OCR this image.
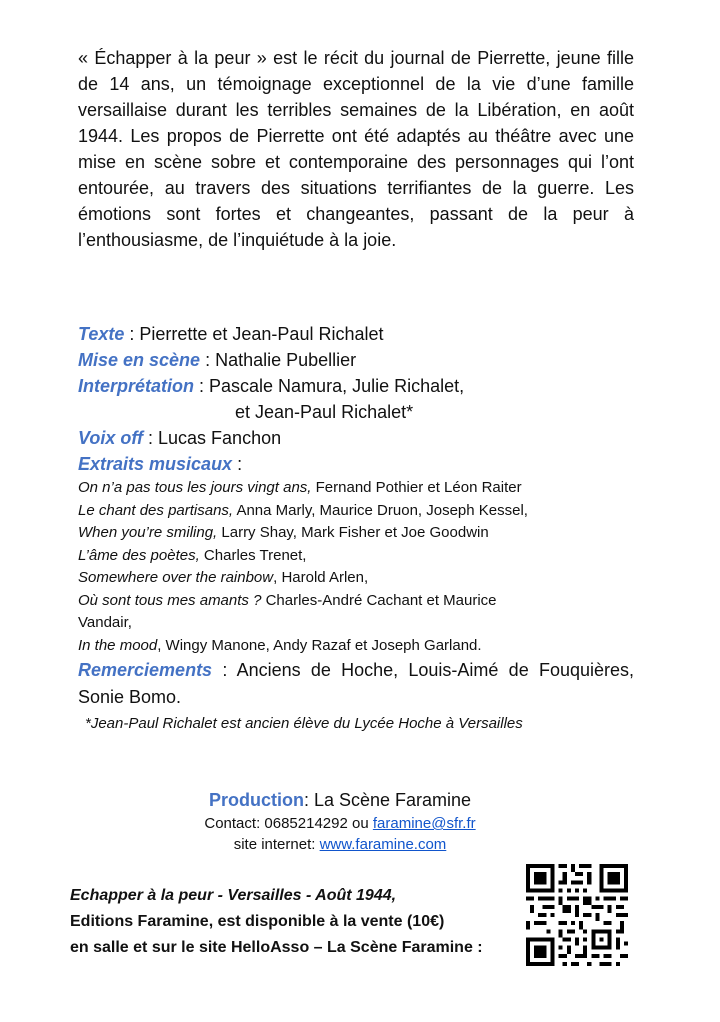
« Échapper à la peur » est le récit du journal de Pierrette, jeune fille de 14 ans, un témoignage exceptionnel de la vie d’une famille versaillaise durant les terribles semaines de la Libération, en août 1944. Les propos de Pierrette ont été adaptés au théâtre avec une mise en scène sobre et contemporaine des personnages qui l’ont entourée, au travers des situations terrifiantes de la guerre. Les émotions sont fortes et changeantes, passant de la peur à l’enthousiasme, de l’inquiétude à la joie.

Texte : Pierrette et Jean-Paul Richalet
Mise en scène : Nathalie Pubellier
Interprétation : Pascale Namura, Julie Richalet,
et Jean-Paul Richalet*
Voix off : Lucas Fanchon
Extraits musicaux :
On n’a pas tous les jours vingt ans, Fernand Pothier et Léon Raiter
Le chant des partisans, Anna Marly, Maurice Druon, Joseph Kessel,
When you’re smiling, Larry Shay, Mark Fisher et Joe Goodwin
L’âme des poètes, Charles Trenet,
Somewhere over the rainbow, Harold Arlen,
Où sont tous mes amants ? Charles-André Cachant et Maurice
Vandair,
In the mood, Wingy Manone, Andy Razaf et Joseph Garland.

Remerciements : Anciens de Hoche, Louis-Aimé de Fouquières, Sonie Bomo.

*Jean-Paul Richalet est ancien élève du Lycée Hoche à Versailles
Production: La Scène Faramine
Contact: 0685214292 ou faramine@sfr.fr
site internet: www.faramine.com
Echapper à la peur - Versailles - Août 1944,
Editions Faramine, est disponible à la vente (10€)
en salle et sur le site HelloAsso – La Scène Faramine :
